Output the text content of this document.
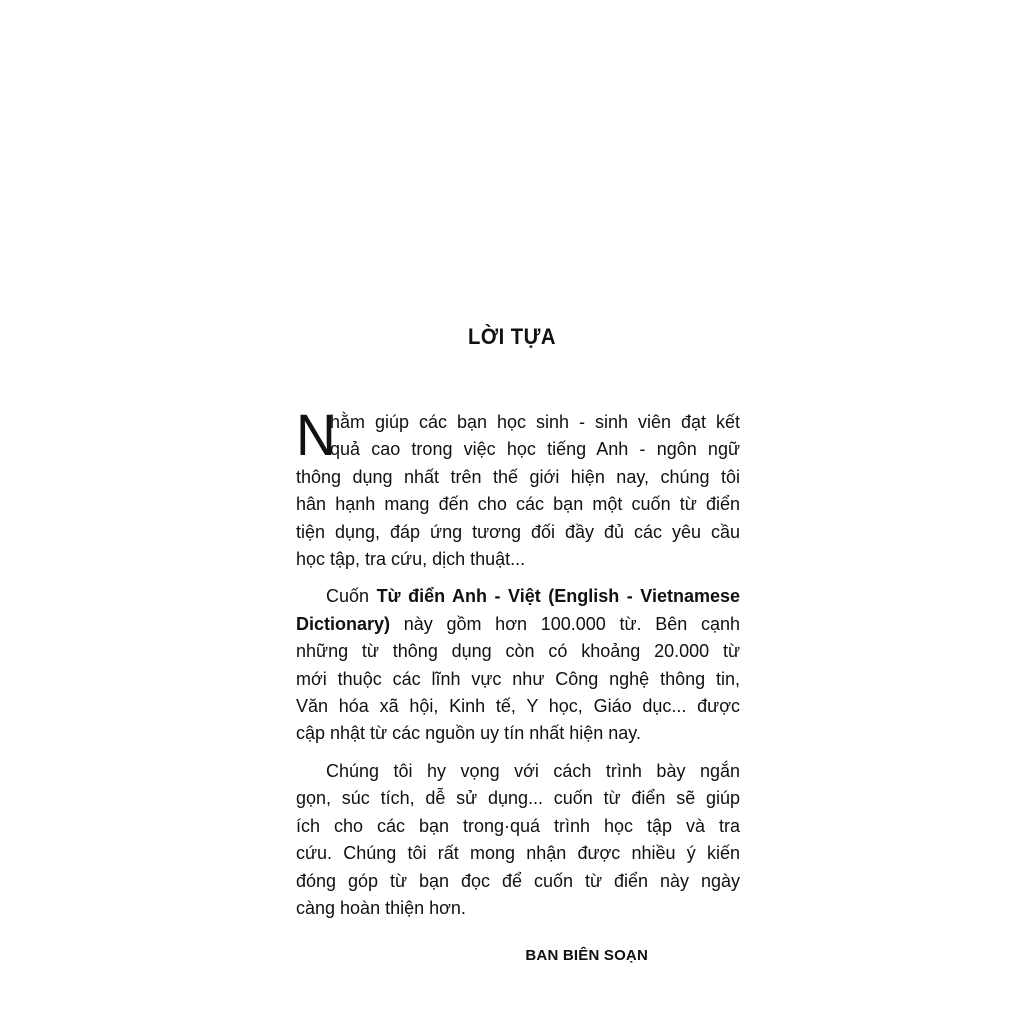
LỜI TỰA
N
hằm giúp các bạn học sinh - sinh viên đạt kết
quả cao trong việc học tiếng Anh - ngôn ngữ
thông dụng nhất trên thế giới hiện nay, chúng tôi
hân hạnh mang đến cho các bạn một cuốn từ điển
tiện dụng, đáp ứng tương đối đầy đủ các yêu cầu
học tập, tra cứu, dịch thuật...
Cuốn Từ điển Anh - Việt (English - Vietnamese
Dictionary) này gồm hơn 100.000 từ. Bên cạnh
những từ thông dụng còn có khoảng 20.000 từ
mới thuộc các lĩnh vực như Công nghệ thông tin,
Văn hóa xã hội, Kinh tế, Y học, Giáo dục... được
cập nhật từ các nguồn uy tín nhất hiện nay.
Chúng tôi hy vọng với cách trình bày ngắn
gọn, súc tích, dễ sử dụng... cuốn từ điển sẽ giúp
ích cho các bạn trong·quá trình học tập và tra
cứu. Chúng tôi rất mong nhận được nhiều ý kiến
đóng góp từ bạn đọc để cuốn từ điển này ngày
càng hoàn thiện hơn.
BAN BIÊN SOẠN
